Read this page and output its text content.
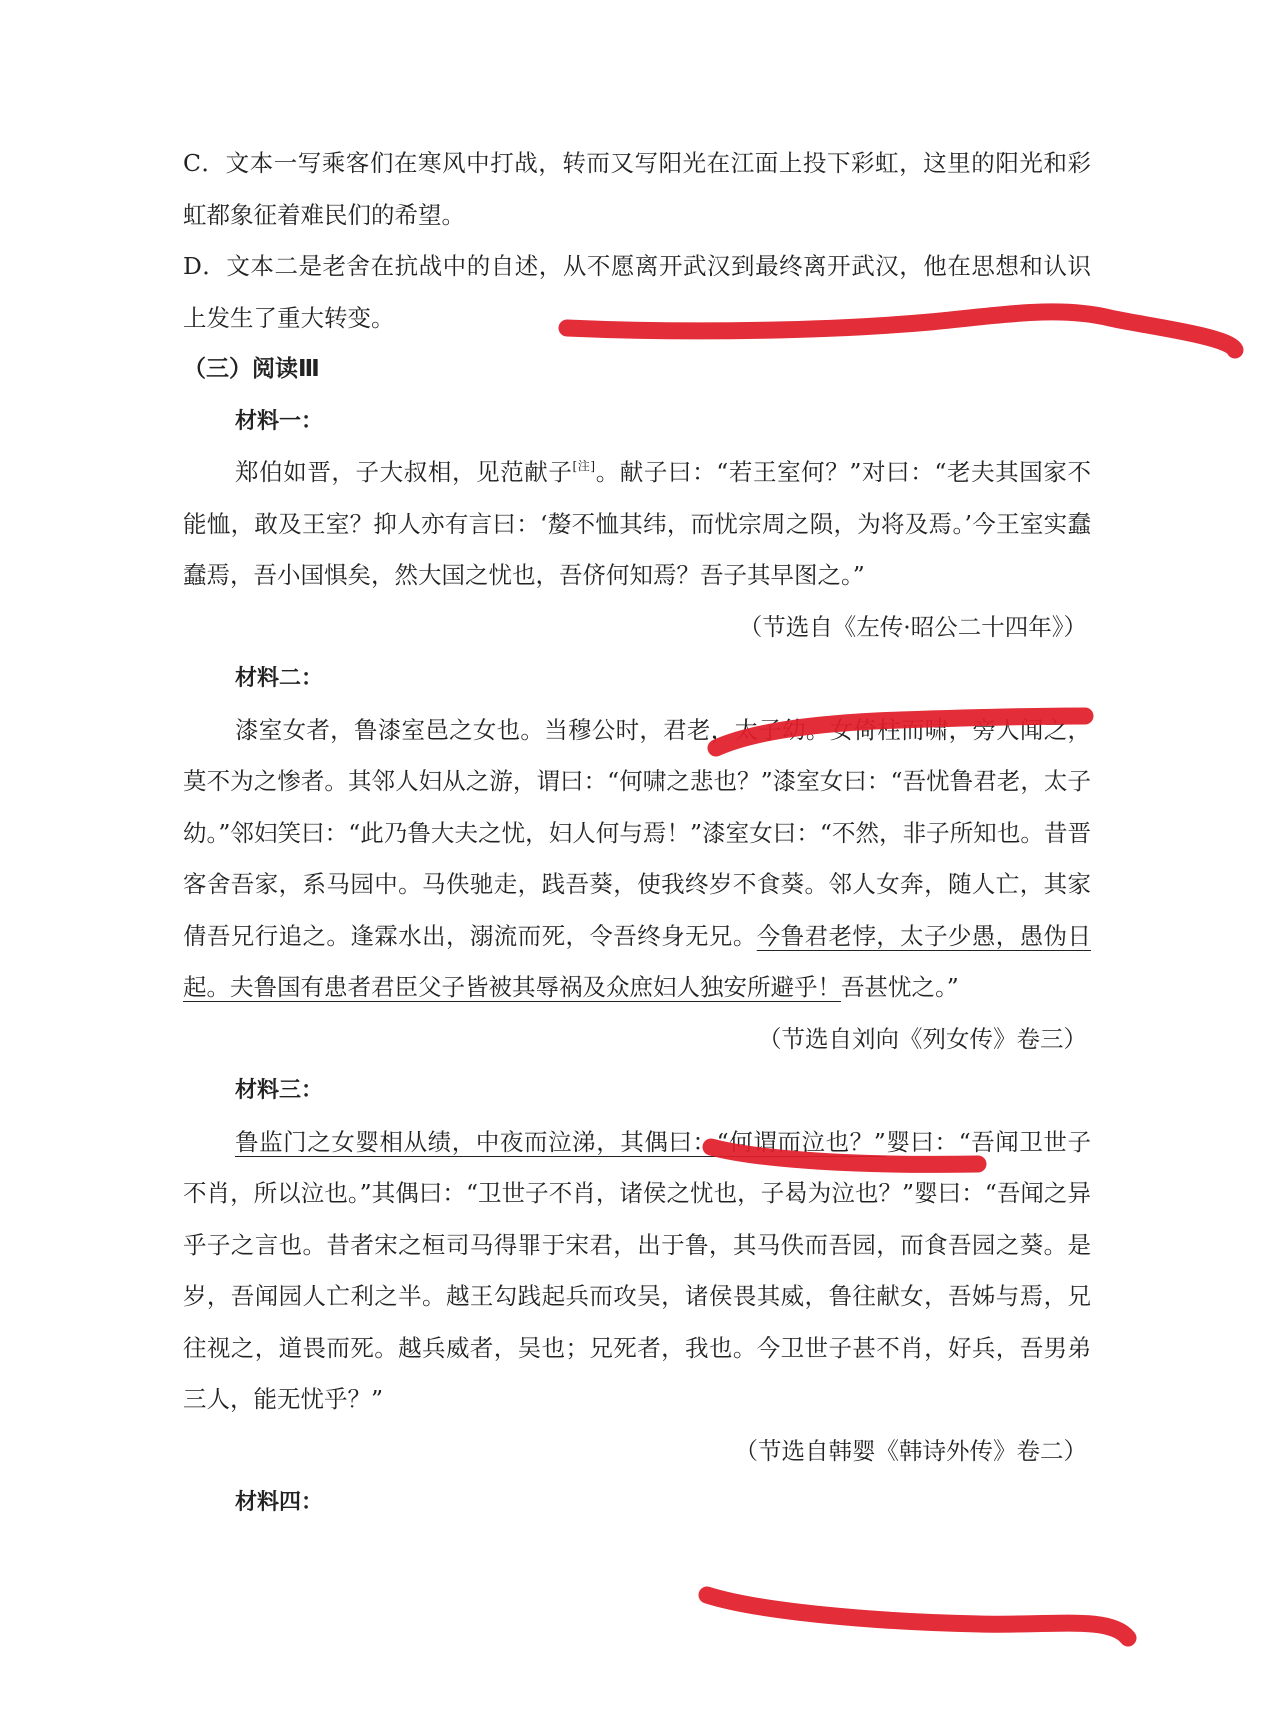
C．文本一写乘客们在寒风中打战，转而又写阳光在江面上投下彩虹，这里的阳光和彩虹都象征着难民们的希望。

D．文本二是老舍在抗战中的自述，从不愿离开武汉到最终离开武汉，他在思想和认识上发生了重大转变。

（三）阅读Ⅲ

材料一：

郑伯如晋，子大叔相，见范献子[注]。献子曰：“若王室何？”对曰：“老夫其国家不能恤，敢及王室？抑人亦有言曰：‘嫠不恤其纬，而忧宗周之陨，为将及焉。’今王室实蠢蠢焉，吾小国惧矣，然大国之忧也，吾侪何知焉？吾子其早图之。”

（节选自《左传·昭公二十四年》）

材料二：

漆室女者，鲁漆室邑之女也。当穆公时，君老，太子幼。女倚柱而啸，旁人闻之，莫不为之惨者。其邻人妇从之游，谓曰：“何啸之悲也？”漆室女曰：“吾忧鲁君老，太子幼。”邻妇笑曰：“此乃鲁大夫之忧，妇人何与焉！”漆室女曰：“不然，非子所知也。昔晋客舍吾家，系马园中。马佚驰走，践吾葵，使我终岁不食葵。邻人女奔，随人亡，其家倩吾兄行追之。逢霖水出，溺流而死，令吾终身无兄。今鲁君老悖，太子少愚，愚伪日起。夫鲁国有患者君臣父子皆被其辱祸及众庶妇人独安所避乎！吾甚忧之。”

（节选自刘向《列女传》卷三）

材料三：

鲁监门之女婴相从绩，中夜而泣涕，其偶曰：“何谓而泣也？”婴曰：“吾闻卫世子不肖，所以泣也。”其偶曰：“卫世子不肖，诸侯之忧也，子曷为泣也？”婴曰：“吾闻之异乎子之言也。昔者宋之桓司马得罪于宋君，出于鲁，其马佚而吾园，而食吾园之葵。是岁，吾闻园人亡利之半。越王勾践起兵而攻吴，诸侯畏其威，鲁往献女，吾姊与焉，兄往视之，道畏而死。越兵威者，吴也；兄死者，我也。今卫世子甚不肖，好兵，吾男弟三人，能无忧乎？”

（节选自韩婴《韩诗外传》卷二）

材料四：
